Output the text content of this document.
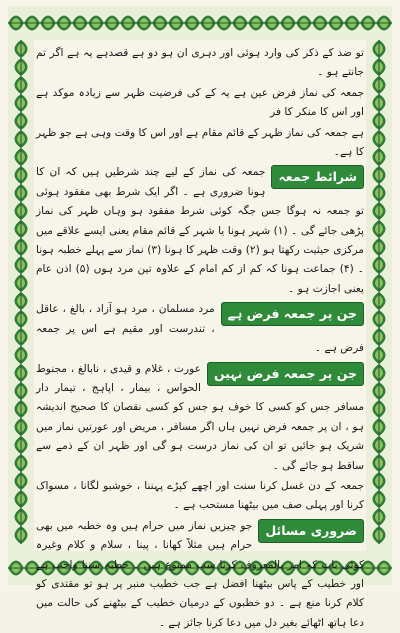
تو ضد کے ذکر کی وارد ہوئی اور دہری ان ہو دو ہے قصدہے یہ ہے اگر تم جانتے ہو ۔

جمعہ کی نماز فرض عین ہے یہ کے کی فرضیت ظہر سے زیادہ موکد ہے اور اس کا منکر کا فر

ہے جمعہ کی نماز ظہر کے قائم مقام ہے اور اس کا وقت وہی ہے جو ظہر کا ہے۔

شرائط جمعہ

جمعہ کی نماز کے لیے چند شرطیں ہیں کہ ان کا ہونا ضروری ہے ۔ اگر ایک شرط بھی مفقود ہوئی تو جمعہ نہ ہوگا جس جگہ کوئی شرط مفقود ہو وہاں ظہر کی نماز پڑھی جائے گی ۔ (۱) شہر ہونا یا شہر کے قائم مقام یعنی ایسے علاقے میں مرکزی حیثیت رکھتا ہو (۲) وقت ظہر کا ہونا (۳) نماز سے پہلے خطبہ ہونا ۔ (۴) جماعت ہونا کہ کم از کم امام کے علاوہ تین مرد ہوں (۵) اذن عام یعنی اجازت ہو ۔

جن پر جمعہ فرض ہے

مرد مسلمان ، مرد ہو آزاد ، بالغ ، عاقل ، تندرست اور مقیم ہے اس پر جمعہ فرض ہے ۔

جن پر جمعہ فرض نہیں

عورت ، غلام و قیدی ، نابالغ ، مجنوط الحواس ، بیمار ، اپاہج ، تیمار دار مسافر جس کو کسی کا خوف ہو جس کو کسی نقصان کا صحیح اندیشہ ہو ، ان پر جمعہ فرض نہیں ہاں اگر مسافر ، مریض اور عورتیں نماز میں شریک ہو جائیں تو ان کی نماز درست ہو گی اور ظہر ان کے ذمے سے ساقط ہو جائے گی ۔

جمعہ کے دن غسل کرنا سنت اور اچھے کپڑے پہننا ، خوشبو لگانا ، مسواک کرنا اور پہلی صف میں بیٹھنا مستحب ہے ۔

ضروری مسائل

جو چیزیں نماز میں حرام ہیں وہ خطبہ میں بھی حرام ہیں مثلاً کھانا ، پینا ، سلام و کلام وغیرہ کوئی بات کہ امر بالمعروف کرنا سب ممنوع ہیں ۔ خطبہ سننا واجب ہے اور خطیب کے پاس بیٹھنا افضل ہے جب خطیب منبر پر ہو تو مقتدی کو کلام کرنا منع ہے ۔ دو خطبوں کے درمیان خطیب کے بیٹھنے کی حالت میں دعا ہاتھ اٹھائے بغیر دل میں دعا کرنا جائز ہے ۔
